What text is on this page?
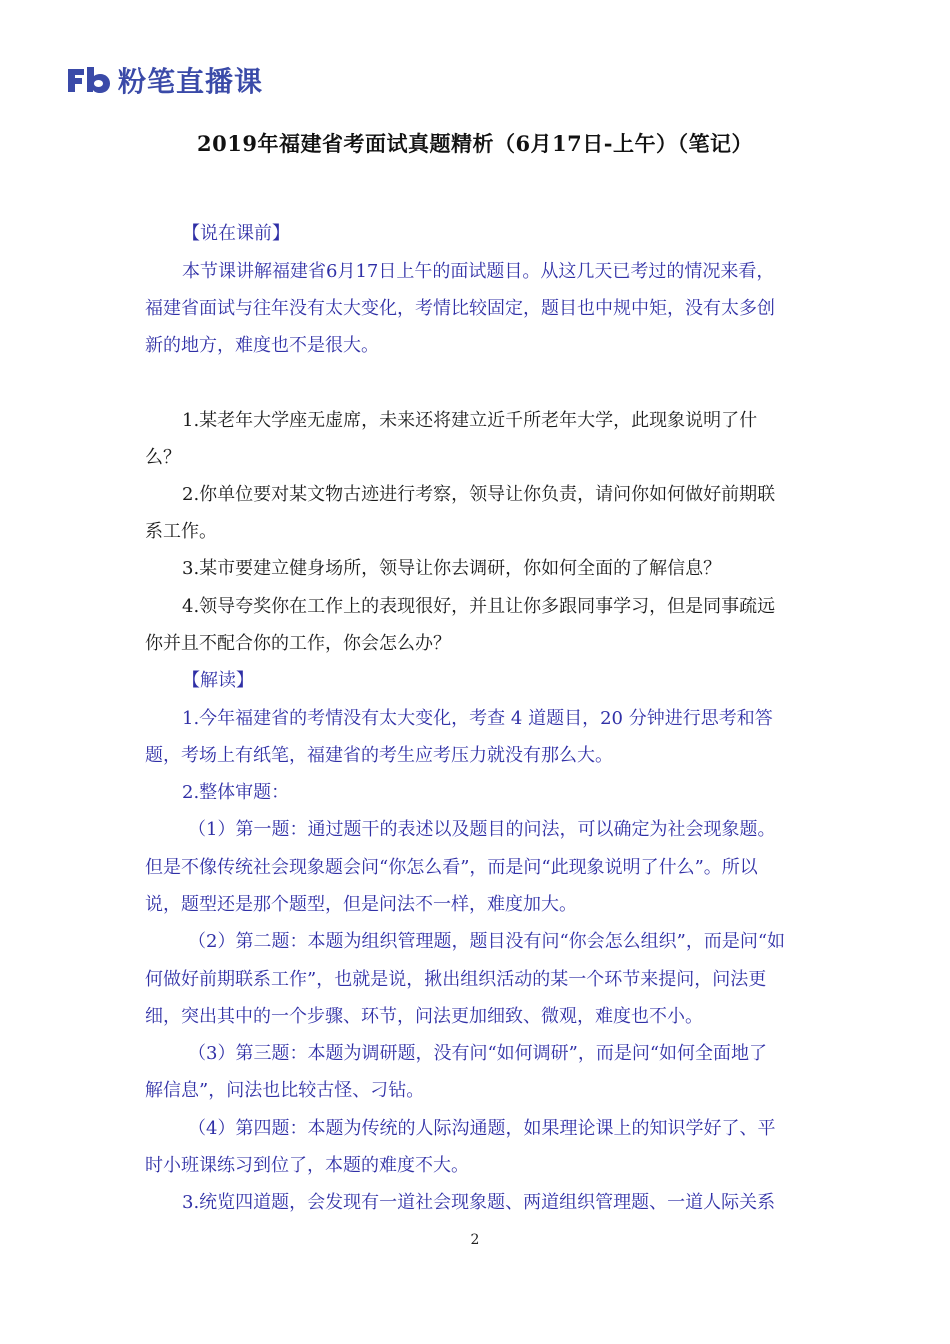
粉笔直播课
2019年福建省考面试真题精析（6月17日-上午）（笔记）
【说在课前】
本节课讲解福建省6月17日上午的面试题目。从这几天已考过的情况来看，
福建省面试与往年没有太大变化，考情比较固定，题目也中规中矩，没有太多创
新的地方，难度也不是很大。
1.某老年大学座无虚席，未来还将建立近千所老年大学，此现象说明了什
么？
2.你单位要对某文物古迹进行考察，领导让你负责，请问你如何做好前期联
系工作。
3.某市要建立健身场所，领导让你去调研，你如何全面的了解信息？
4.领导夸奖你在工作上的表现很好，并且让你多跟同事学习，但是同事疏远
你并且不配合你的工作，你会怎么办？
【解读】
1.今年福建省的考情没有太大变化，考查 4 道题目，20 分钟进行思考和答
题，考场上有纸笔，福建省的考生应考压力就没有那么大。
2.整体审题：
（1）第一题：通过题干的表述以及题目的问法，可以确定为社会现象题。
但是不像传统社会现象题会问“你怎么看”，而是问“此现象说明了什么”。所以
说，题型还是那个题型，但是问法不一样，难度加大。
（2）第二题：本题为组织管理题，题目没有问“你会怎么组织”，而是问“如
何做好前期联系工作”，也就是说，揪出组织活动的某一个环节来提问，问法更
细，突出其中的一个步骤、环节，问法更加细致、微观，难度也不小。
（3）第三题：本题为调研题，没有问“如何调研”，而是问“如何全面地了
解信息”，问法也比较古怪、刁钻。
（4）第四题：本题为传统的人际沟通题，如果理论课上的知识学好了、平
时小班课练习到位了，本题的难度不大。
3.统览四道题，会发现有一道社会现象题、两道组织管理题、一道人际关系
2
